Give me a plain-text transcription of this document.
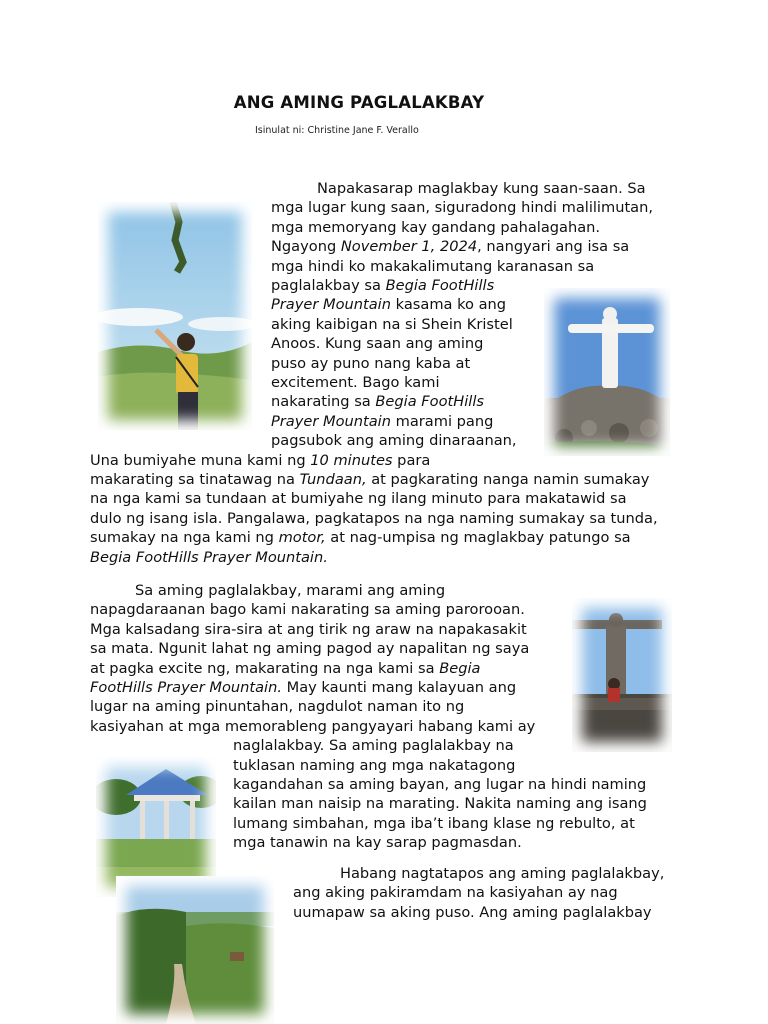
ANG AMING PAGLALAKBAY
Isinulat ni: Christine Jane F. Verallo
Napakasarap maglakbay kung saan-saan. Sa
mga lugar kung saan, siguradong hindi malilimutan,
mga memoryang kay gandang pahalagahan.
Ngayong November 1, 2024, nangyari ang isa sa
mga hindi ko makakalimutang karanasan sa
paglalakbay sa Begia FootHills
Prayer Mountain kasama ko ang
aking kaibigan na si Shein Kristel
Anoos. Kung saan ang aming
puso ay puno nang kaba at
excitement. Bago kami
nakarating sa Begia FootHills
Prayer Mountain marami pang
pagsubok ang aming dinaraanan,
Una bumiyahe muna kami ng 10 minutes para
makarating sa tinatawag na Tundaan, at pagkarating nanga namin sumakay
na nga kami sa tundaan at bumiyahe ng ilang minuto para makatawid sa
dulo ng isang isla. Pangalawa, pagkatapos na nga naming sumakay sa tunda,
sumakay na nga kami ng motor, at nag-umpisa ng maglakbay patungo sa
Begia FootHills Prayer Mountain.
Sa aming paglalakbay, marami ang aming
napagdaraanan bago kami nakarating sa aming parorooan.
Mga kalsadang sira-sira at ang tirik ng araw na napakasakit
sa mata. Ngunit lahat ng aming pagod ay napalitan ng saya
at pagka excite ng, makarating na nga kami sa Begia
FootHills Prayer Mountain. May kaunti mang kalayuan ang
lugar na aming pinuntahan, nagdulot naman ito ng
kasiyahan at mga memorableng pangyayari habang kami ay
naglalakbay. Sa aming paglalakbay na
tuklasan naming ang mga nakatagong
kagandahan sa aming bayan, ang lugar na hindi naming
kailan man naisip na marating. Nakita naming ang isang
lumang simbahan, mga iba’t ibang klase ng rebulto, at
mga tanawin na kay sarap pagmasdan.
Habang nagtatapos ang aming paglalakbay,
ang aking pakiramdam na kasiyahan ay nag
uumapaw sa aking puso. Ang aming paglalakbay
